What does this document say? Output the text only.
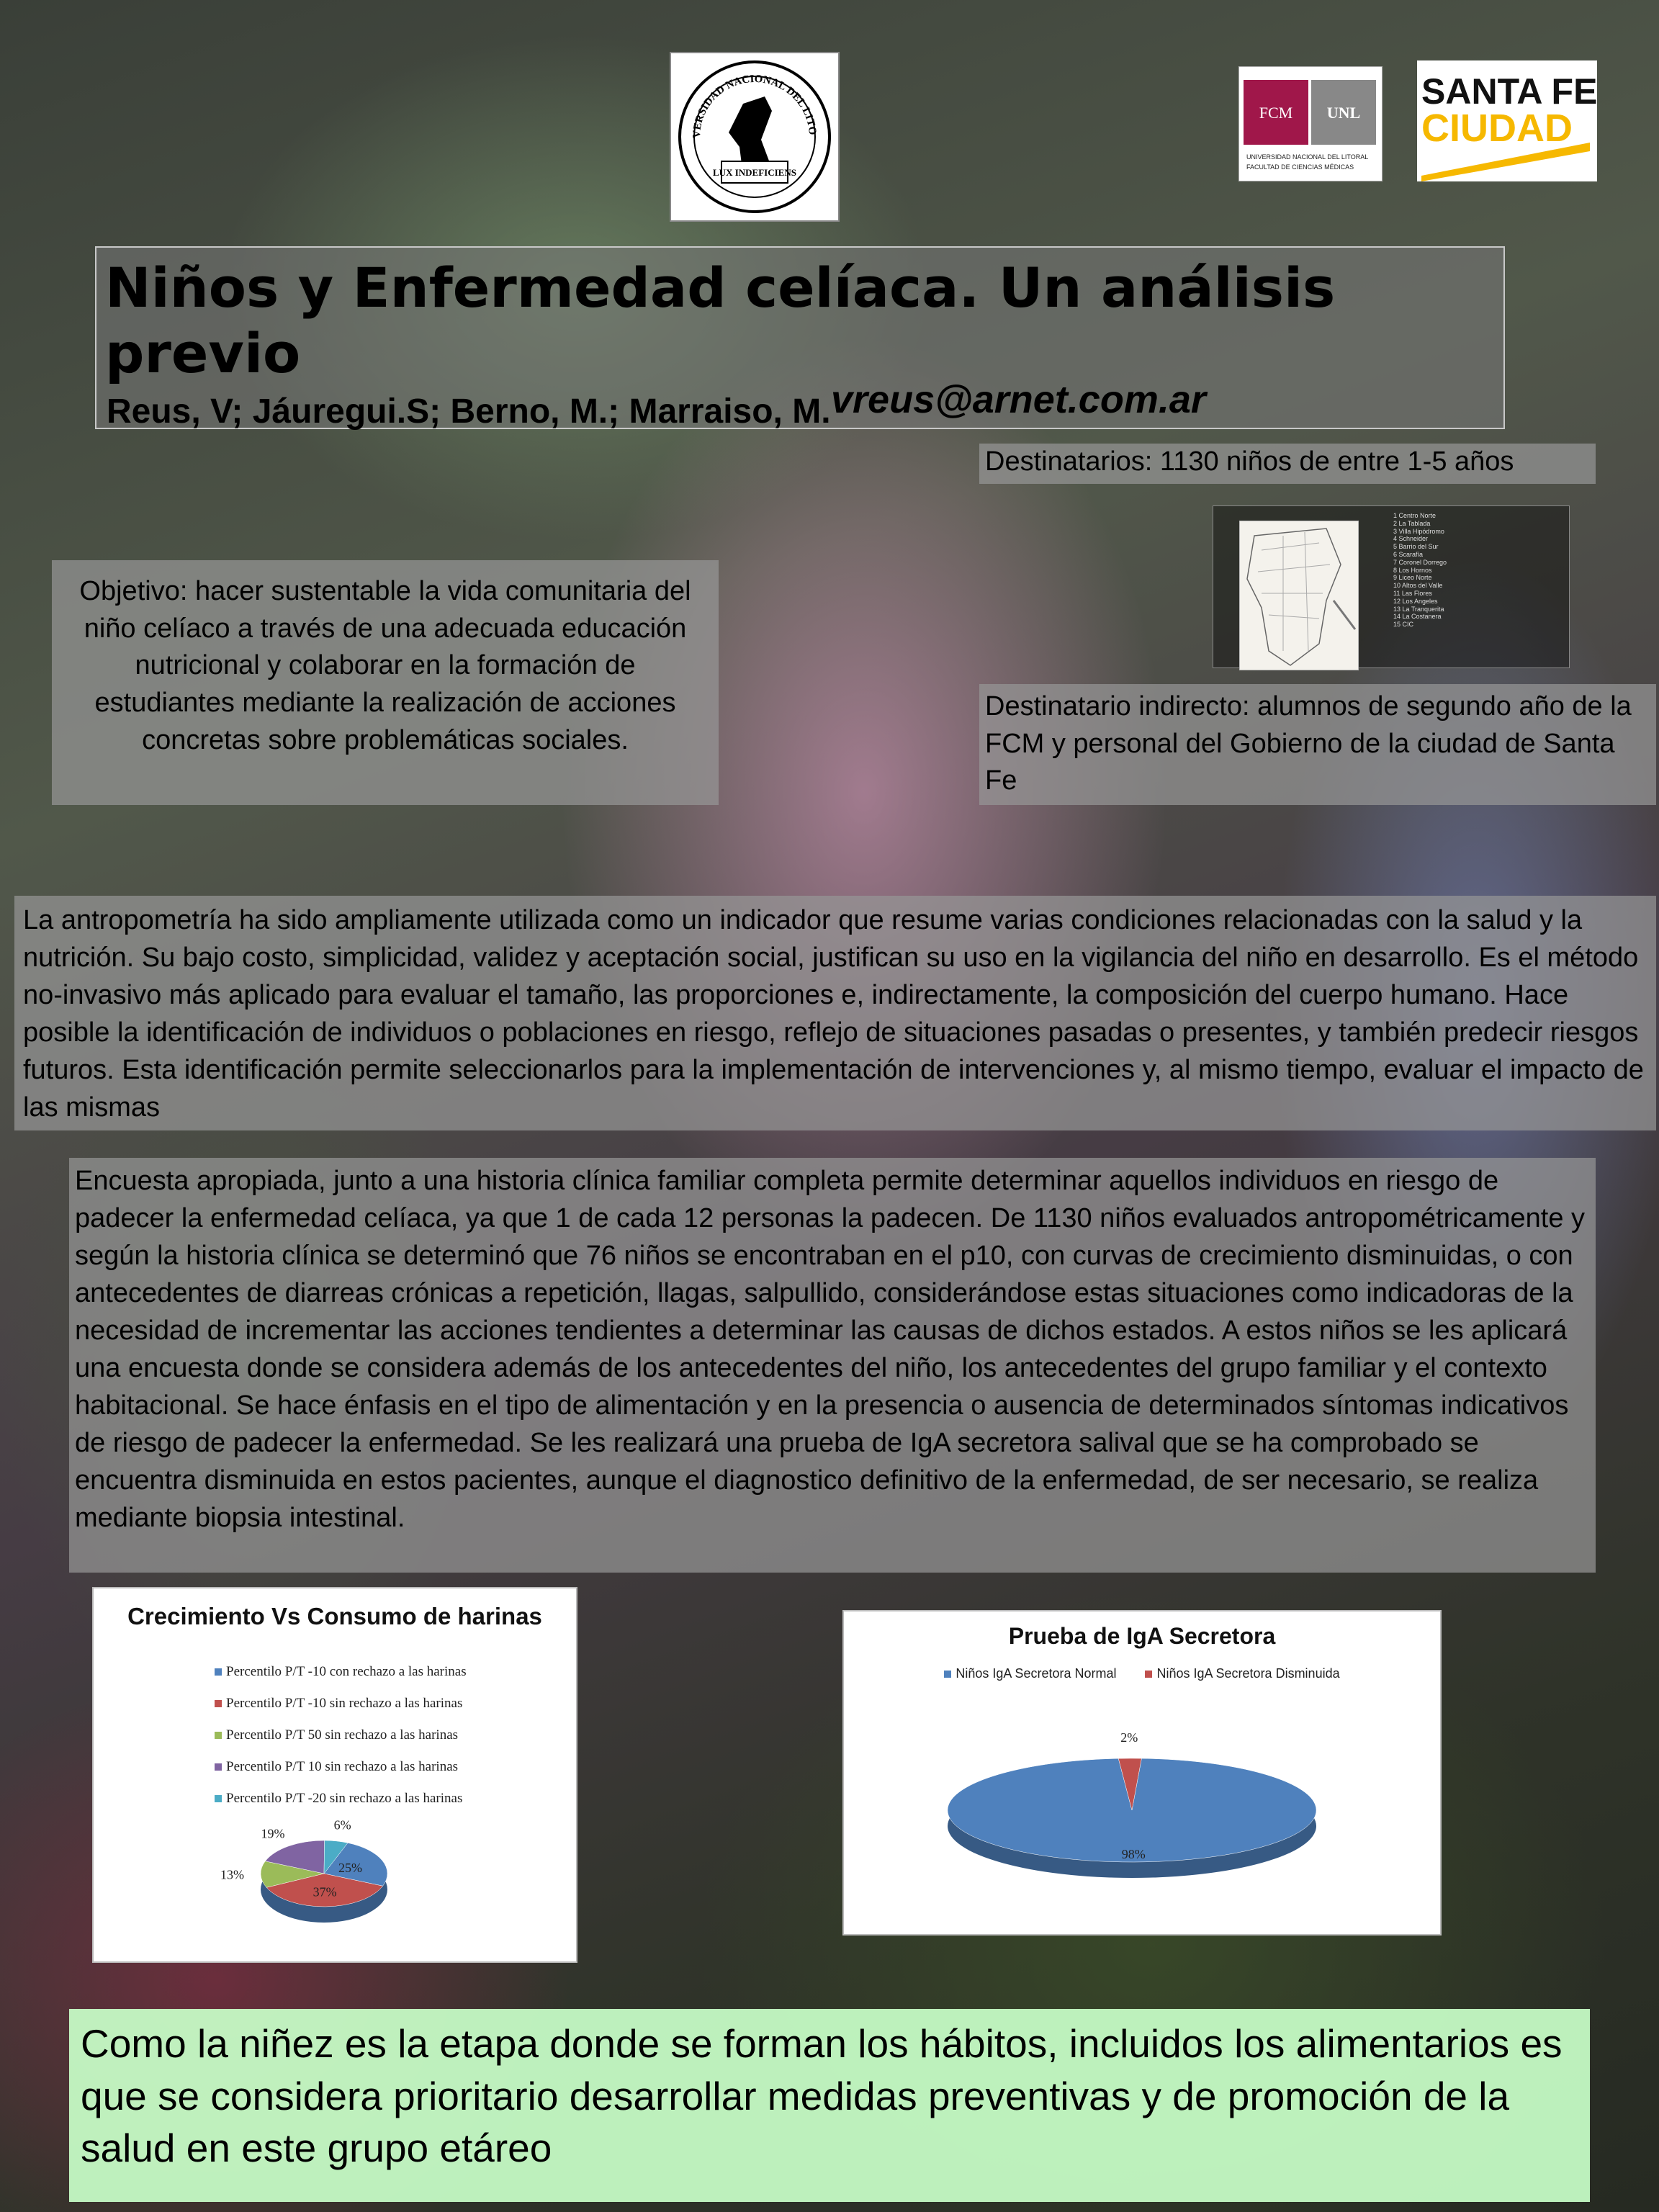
VERSIDAD NACIONAL DEL LITO
LUX INDEFICIENS
FCM UNL
UNIVERSIDAD NACIONAL DEL LITORAL
FACULTAD DE CIENCIAS MÉDICAS
SANTA FE
CIUDAD
Niños y Enfermedad celíaca. Un análisis previo
Reus, V; Jáuregui.S; Berno, M.; Marraiso, M. vreus@arnet.com.ar
Destinatarios: 1130 niños de entre 1-5 años
1 Centro Norte
2 La Tablada
3 Villa Hipódromo
4 Schneider
5 Barrio del Sur
6 Scarafía
7 Coronel Dorrego
8 Los Hornos
9 Liceo Norte
10 Altos del Valle
11 Las Flores
12 Los Angeles
13 La Tranquerita
14 La Costanera
15 CIC
Objetivo: hacer sustentable la vida comunitaria del niño celíaco a través de una adecuada educación nutricional y colaborar en la formación de estudiantes mediante la realización de acciones concretas sobre problemáticas sociales.
Destinatario indirecto: alumnos de segundo año de la FCM y personal del Gobierno de la ciudad de Santa Fe
La antropometría ha sido ampliamente utilizada como un indicador que resume varias condiciones relacionadas con la salud y la nutrición. Su bajo costo, simplicidad, validez y aceptación social, justifican su uso en la vigilancia del niño en desarrollo. Es el método no-invasivo más aplicado para evaluar el tamaño, las proporciones e, indirectamente, la composición del cuerpo humano. Hace posible la identificación de individuos o poblaciones en riesgo, reflejo de situaciones pasadas o presentes, y también predecir riesgos futuros. Esta identificación permite seleccionarlos para la implementación de intervenciones y, al mismo tiempo, evaluar el impacto de las mismas
Encuesta apropiada, junto a una historia clínica familiar completa permite determinar aquellos individuos en riesgo de padecer la enfermedad celíaca, ya que 1 de cada 12 personas la padecen. De 1130 niños evaluados antropométricamente y según la historia clínica se determinó que 76 niños se encontraban en el p10, con curvas de crecimiento disminuidas, o con antecedentes de diarreas crónicas a repetición, llagas, salpullido, considerándose estas situaciones como indicadoras de la necesidad de incrementar las acciones tendientes a determinar las causas de dichos estados. A estos niños se les aplicará una encuesta donde se considera además de los antecedentes del niño, los antecedentes del grupo familiar y el contexto habitacional. Se hace énfasis en el tipo de alimentación y en la presencia o ausencia de determinados síntomas indicativos de riesgo de padecer la enfermedad. Se les realizará una prueba de IgA secretora salival que se ha comprobado se encuentra disminuida en estos pacientes, aunque el diagnostico definitivo de la enfermedad, de ser necesario, se realiza mediante biopsia intestinal.
Crecimiento Vs Consumo de harinas
Percentilo P/T -10 con rechazo a las harinas
Percentilo P/T -10 sin rechazo a las harinas
Percentilo P/T 50 sin rechazo a las harinas
Percentilo P/T 10 sin rechazo a las harinas
Percentilo P/T -20 sin rechazo a las harinas
25%
37%
13%
19%
6%
Prueba de IgA Secretora
Niños IgA Secretora Normal	Niños IgA Secretora Disminuida
98%
2%
Como la niñez es la etapa donde se forman los hábitos, incluidos los alimentarios es que se considera prioritario desarrollar medidas preventivas y de promoción de la salud en este grupo etáreo
